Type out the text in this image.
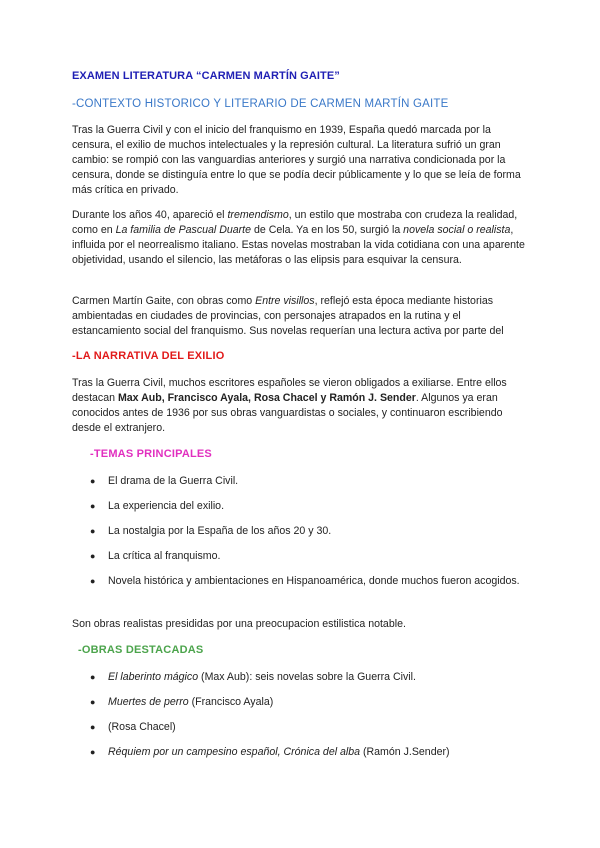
EXAMEN LITERATURA “CARMEN MARTÍN GAITE”
-CONTEXTO HISTORICO Y LITERARIO DE CARMEN MARTÍN GAITE

Tras la Guerra Civil y con el inicio del franquismo en 1939, España quedó marcada por la censura, el exilio de muchos intelectuales y la represión cultural. La literatura sufrió un gran cambio: se rompió con las vanguardias anteriores y surgió una narrativa condicionada por la censura, donde se distinguía entre lo que se podía decir públicamente y lo que se leía de forma más crítica en privado.

Durante los años 40, apareció el tremendismo, un estilo que mostraba con crudeza la realidad, como en La familia de Pascual Duarte de Cela. Ya en los 50, surgió la novela social o realista, influida por el neorrealismo italiano. Estas novelas mostraban la vida cotidiana con una aparente objetividad, usando el silencio, las metáforas o las elipsis para esquivar la censura.

Carmen Martín Gaite, con obras como Entre visillos, reflejó esta época mediante historias ambientadas en ciudades de provincias, con personajes atrapados en la rutina y el estancamiento social del franquismo. Sus novelas requerían una lectura activa por parte del

-LA NARRATIVA DEL EXILIO

Tras la Guerra Civil, muchos escritores españoles se vieron obligados a exiliarse. Entre ellos destacan Max Aub, Francisco Ayala, Rosa Chacel y Ramón J. Sender. Algunos ya eran conocidos antes de 1936 por sus obras vanguardistas o sociales, y continuaron escribiendo desde el extranjero.

-TEMAS PRINCIPALES
● El drama de la Guerra Civil.
● La experiencia del exilio.
● La nostalgia por la España de los años 20 y 30.
● La crítica al franquismo.
● Novela histórica y ambientaciones en Hispanoamérica, donde muchos fueron acogidos.

Son obras realistas presididas por una preocupacion estilistica notable.

-OBRAS DESTACADAS
● El laberinto mágico (Max Aub): seis novelas sobre la Guerra Civil.
● Muertes de perro (Francisco Ayala)
● (Rosa Chacel)
● Réquiem por un campesino español, Crónica del alba (Ramón J.Sender)
